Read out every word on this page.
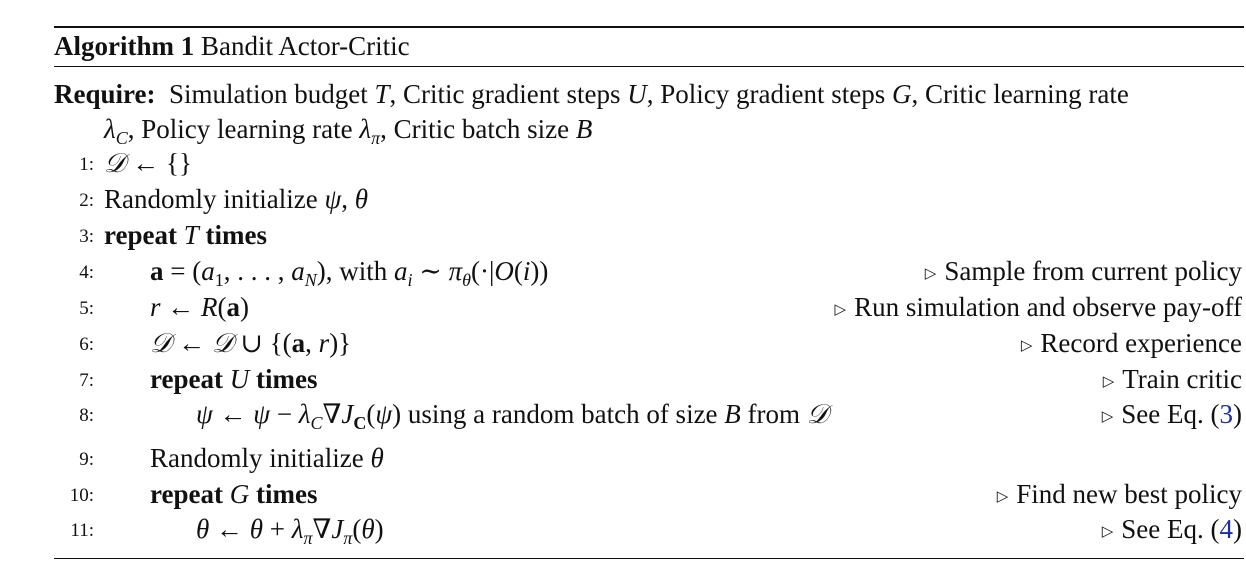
Algorithm 1 Bandit Actor-Critic
Require:  Simulation budget T, Critic gradient steps U, Policy gradient steps G, Critic learning rate
$\lambda_C$, Policy learning rate $\lambda_\pi$, Critic batch size B
1: 𝒟 ← {}
2: Randomly initialize ψ, θ
3: repeat T times
4: $a = (a_1$, . . . , $a_N$), with $a_i$ ∼ $\pi_\theta(\cdot|O(i))$	▷ Sample from current policy
5: r ← R(a)	▷ Run simulation and observe pay-off
6: 𝒟 ← 𝒟 ∪ {(a, r)}	▷ Record experience
7: repeat U times	▷ Train critic
8:	ψ ← $\psi - \lambda_C\nabla J_C(\psi)$ using a random batch of size B from 𝒟	▷ See Eq. (3)
9: Randomly initialize θ
10: repeat G times	▷ Find new best policy
11:	θ ← $\theta + \lambda_\pi\nabla J_\pi(\theta)$	▷ See Eq. (4)
